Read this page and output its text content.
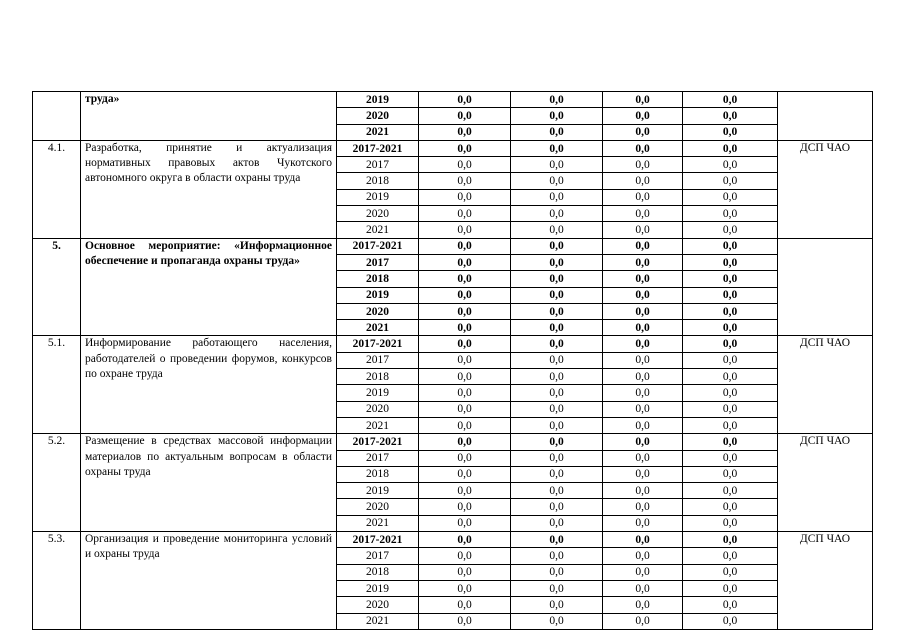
	труда»	2019	0,0	0,0	0,0	0,0	
		2020	0,0	0,0	0,0	0,0	
		2021	0,0	0,0	0,0	0,0	
4.1.	Разработка, принятие и актуализация нормативных правовых актов Чукотского автономного округа в области охраны труда	2017-2021	0,0	0,0	0,0	0,0	ДСП ЧАО
		2017	0,0	0,0	0,0	0,0	
		2018	0,0	0,0	0,0	0,0	
		2019	0,0	0,0	0,0	0,0	
		2020	0,0	0,0	0,0	0,0	
		2021	0,0	0,0	0,0	0,0	
5.	Основное мероприятие: «Информационное обеспечение и пропаганда охраны труда»	2017-2021	0,0	0,0	0,0	0,0	
		2017	0,0	0,0	0,0	0,0	
		2018	0,0	0,0	0,0	0,0	
		2019	0,0	0,0	0,0	0,0	
		2020	0,0	0,0	0,0	0,0	
		2021	0,0	0,0	0,0	0,0	
5.1.	Информирование работающего населения, работодателей о проведении форумов, конкурсов по охране труда	2017-2021	0,0	0,0	0,0	0,0	ДСП ЧАО
		2017	0,0	0,0	0,0	0,0	
		2018	0,0	0,0	0,0	0,0	
		2019	0,0	0,0	0,0	0,0	
		2020	0,0	0,0	0,0	0,0	
		2021	0,0	0,0	0,0	0,0	
5.2.	Размещение в средствах массовой информации материалов по актуальным вопросам в области охраны труда	2017-2021	0,0	0,0	0,0	0,0	ДСП ЧАО
		2017	0,0	0,0	0,0	0,0	
		2018	0,0	0,0	0,0	0,0	
		2019	0,0	0,0	0,0	0,0	
		2020	0,0	0,0	0,0	0,0	
		2021	0,0	0,0	0,0	0,0	
5.3.	Организация и проведение мониторинга условий и охраны труда	2017-2021	0,0	0,0	0,0	0,0	ДСП ЧАО
		2017	0,0	0,0	0,0	0,0	
		2018	0,0	0,0	0,0	0,0	
		2019	0,0	0,0	0,0	0,0	
		2020	0,0	0,0	0,0	0,0	
		2021	0,0	0,0	0,0	0,0	
